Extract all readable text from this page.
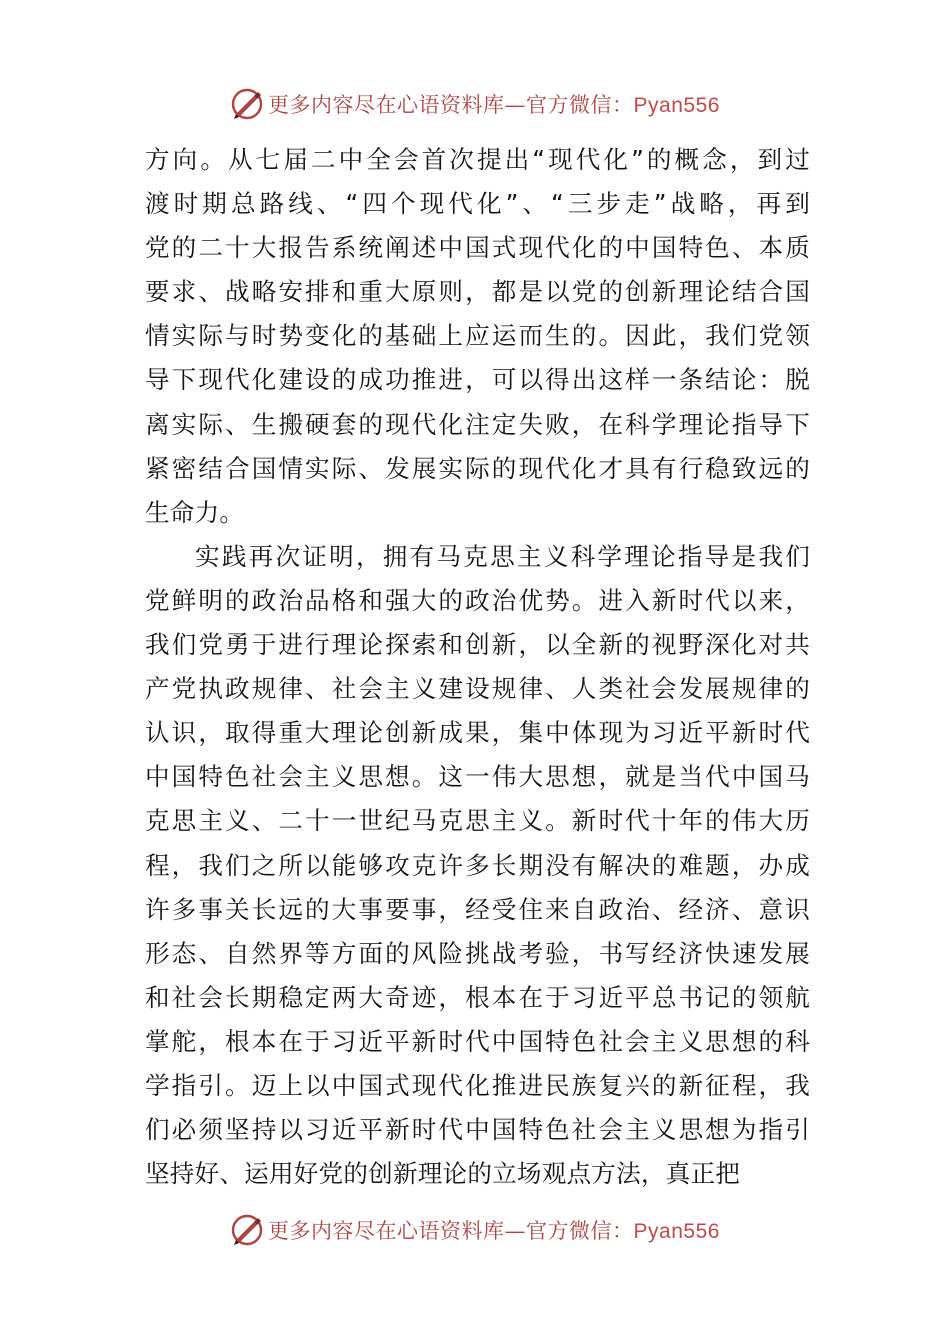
更多内容尽在心语资料库—官方微信：Pyan556
方向。从七届二中全会首次提出“现代化”的概念，到过
渡时期总路线、“四个现代化”、“三步走”战略，再到
党的二十大报告系统阐述中国式现代化的中国特色、本质
要求、战略安排和重大原则，都是以党的创新理论结合国
情实际与时势变化的基础上应运而生的。因此，我们党领
导下现代化建设的成功推进，可以得出这样一条结论：脱
离实际、生搬硬套的现代化注定失败，在科学理论指导下
紧密结合国情实际、发展实际的现代化才具有行稳致远的
生命力。
实践再次证明，拥有马克思主义科学理论指导是我们
党鲜明的政治品格和强大的政治优势。进入新时代以来，
我们党勇于进行理论探索和创新，以全新的视野深化对共
产党执政规律、社会主义建设规律、人类社会发展规律的
认识，取得重大理论创新成果，集中体现为习近平新时代
中国特色社会主义思想。这一伟大思想，就是当代中国马
克思主义、二十一世纪马克思主义。新时代十年的伟大历
程，我们之所以能够攻克许多长期没有解决的难题，办成
许多事关长远的大事要事，经受住来自政治、经济、意识
形态、自然界等方面的风险挑战考验，书写经济快速发展
和社会长期稳定两大奇迹，根本在于习近平总书记的领航
掌舵，根本在于习近平新时代中国特色社会主义思想的科
学指引。迈上以中国式现代化推进民族复兴的新征程，我
们必须坚持以习近平新时代中国特色社会主义思想为指引
坚持好、运用好党的创新理论的立场观点方法，真正把
更多内容尽在心语资料库—官方微信：Pyan556
